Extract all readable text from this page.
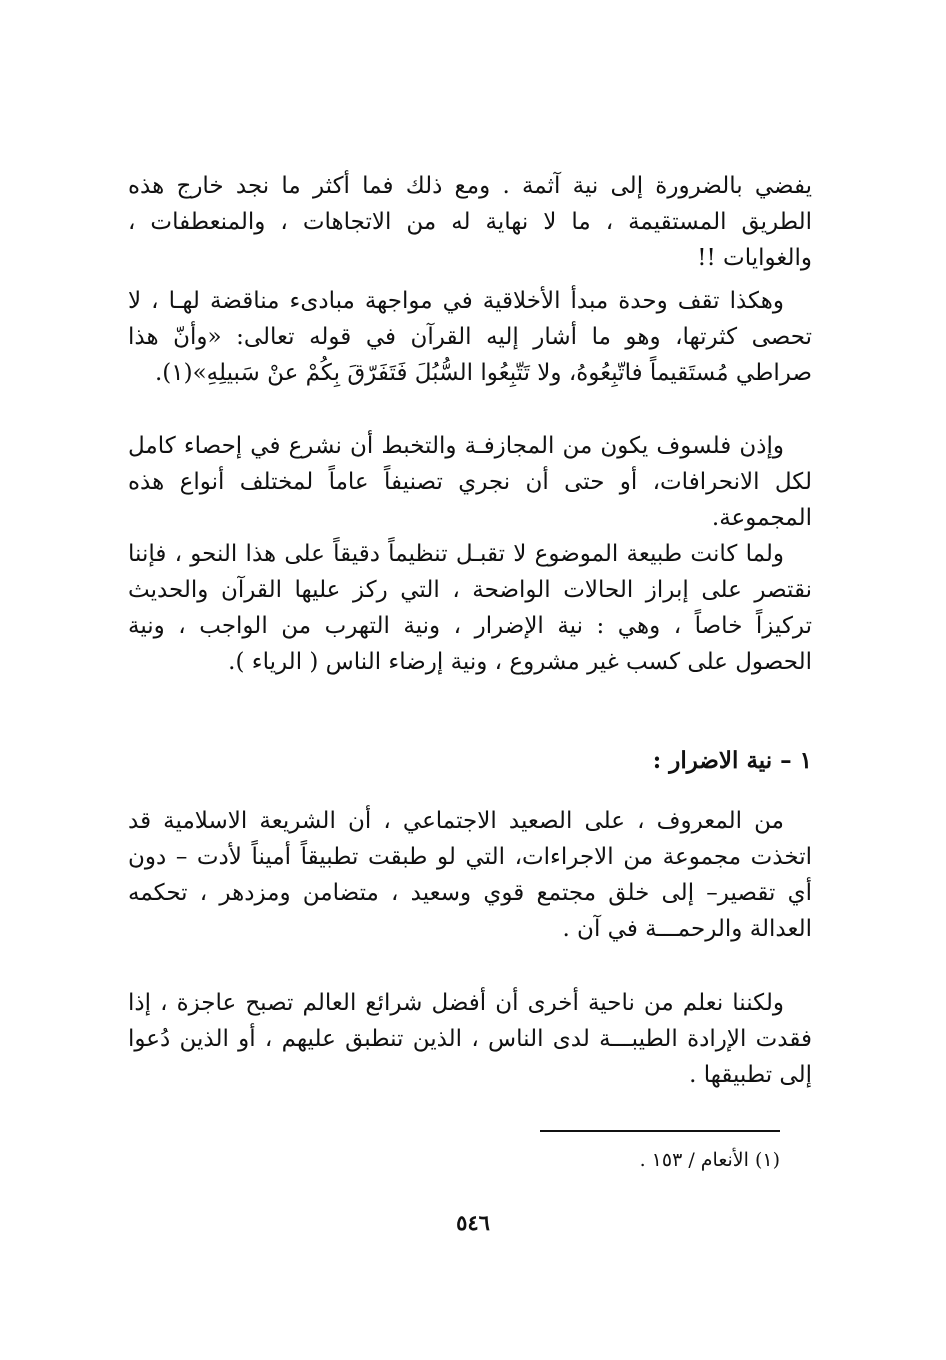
يفضي بالضرورة إلى نية آثمة . ومع ذلك فما أكثر ما نجد خارج هذه الطريق المستقيمة ، ما لا نهاية له من الاتجاهات ، والمنعطفات ، والغوايات !!

وهكذا تقف وحدة مبدأ الأخلاقية في مواجهة مبادىء مناقضة لهـا ، لا تحصى كثرتها، وهو ما أشار إليه القرآن في قوله تعالى: «وأنّ هذا صراطي مُستَقيماً فاتّبِعُوهُ، ولا تَتّبِعُوا السُّبُلَ فَتَفَرّقَ بِكُمْ عنْ سَبيلِهِ»(١).

وإذن فلسوف يكون من المجازفـة والتخبط أن نشرع في إحصاء كامل لكل الانحرافات، أو حتى أن نجري تصنيفاً عاماً لمختلف أنواع هذه المجموعة.

ولما كانت طبيعة الموضوع لا تقبـل تنظيماً دقيقاً على هذا النحو ، فإننا نقتصر على إبراز الحالات الواضحة ، التي ركز عليها القرآن والحديث تركيزاً خاصاً ، وهي : نية الإضرار ، ونية التهرب من الواجب ، ونية الحصول على كسب غير مشروع ، ونية إرضاء الناس ( الرياء ).

١ – نية الاضرار :

من المعروف ، على الصعيد الاجتماعي ، أن الشريعة الاسلامية قد اتخذت مجموعة من الاجراءات، التي لو طبقت تطبيقاً أميناً لأدت – دون أي تقصير– إلى خلق مجتمع قوي وسعيد ، متضامن ومزدهر ، تحكمه العدالة والرحمـــة في آن .

ولكننا نعلم من ناحية أخرى أن أفضل شرائع العالم تصبح عاجزة ، إذا فقدت الإرادة الطيبـــة لدى الناس ، الذين تنطبق عليهم ، أو الذين دُعوا إلى تطبيقها .

(١) الأنعام / ١٥٣ .
٥٤٦
